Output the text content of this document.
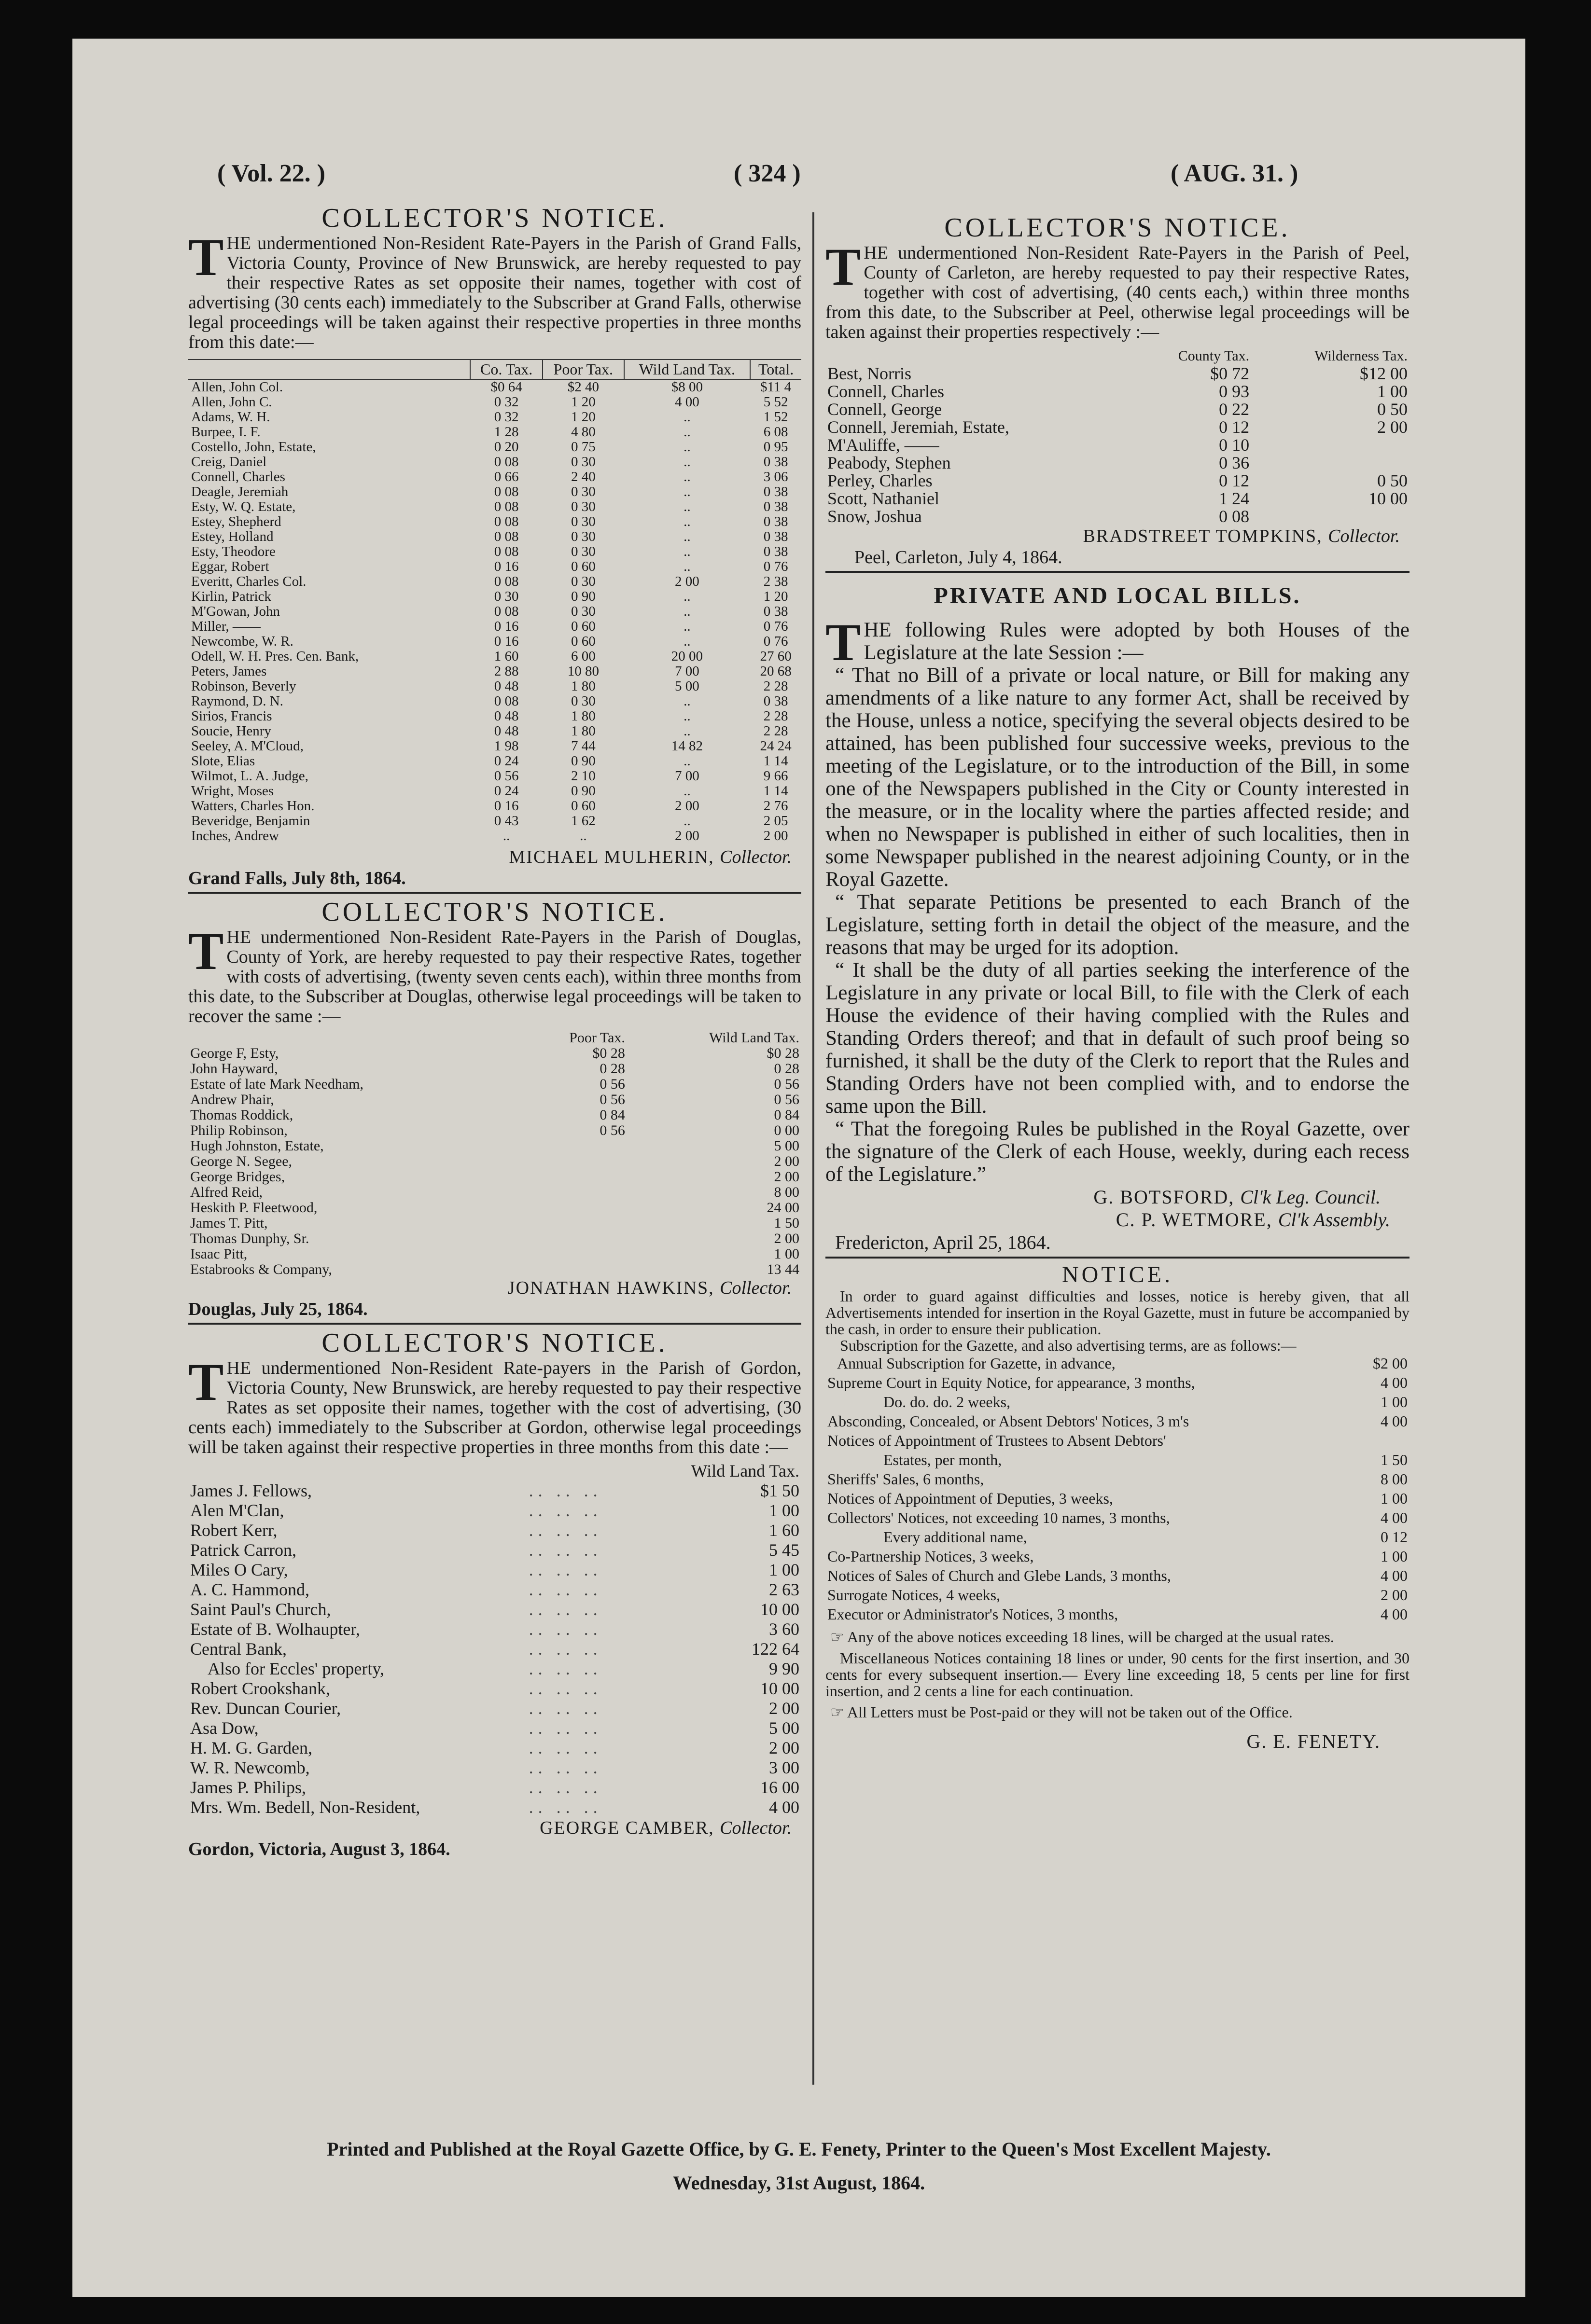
( Vol. 22. )	( 324 )	( AUG. 31. )
COLLECTOR'S NOTICE.

THE undermentioned Non-Resident Rate-Payers in the Parish of Grand Falls, Victoria County, Province of New Brunswick, are hereby requested to pay their respective Rates as set opposite their names, together with cost of advertising (30 cents each) immediately to the Subscriber at Grand Falls, otherwise legal proceedings will be taken against their respective properties in three months from this date:—

	Co. Tax.	Poor Tax.	Wild Land Tax.	Total.
Allen, John Col.	$0 64	$2 40	$8 00	$11 4
Allen, John C.	0 32	1 20	4 00	5 52
Adams, W. H.	0 32	1 20	..	1 52
Burpee, I. F.	1 28	4 80	..	6 08
Costello, John, Estate,	0 20	0 75	..	0 95
Creig, Daniel	0 08	0 30	..	0 38
Connell, Charles	0 66	2 40	..	3 06
Deagle, Jeremiah	0 08	0 30	..	0 38
Esty, W. Q. Estate,	0 08	0 30	..	0 38
Estey, Shepherd	0 08	0 30	..	0 38
Estey, Holland	0 08	0 30	..	0 38
Esty, Theodore	0 08	0 30	..	0 38
Eggar, Robert	0 16	0 60	..	0 76
Everitt, Charles Col.	0 08	0 30	2 00	2 38
Kirlin, Patrick	0 30	0 90	..	1 20
M'Gowan, John	0 08	0 30	..	0 38
Miller, ——	0 16	0 60	..	0 76
Newcombe, W. R.	0 16	0 60	..	0 76
Odell, W. H. Pres. Cen. Bank,	1 60	6 00	20 00	27 60
Peters, James	2 88	10 80	7 00	20 68
Robinson, Beverly	0 48	1 80	5 00	2 28
Raymond, D. N.	0 08	0 30	..	0 38
Sirios, Francis	0 48	1 80	..	2 28
Soucie, Henry	0 48	1 80	..	2 28
Seeley, A. M'Cloud,	1 98	7 44	14 82	24 24
Slote, Elias	0 24	0 90	..	1 14
Wilmot, L. A. Judge,	0 56	2 10	7 00	9 66
Wright, Moses	0 24	0 90	..	1 14
Watters, Charles Hon.	0 16	0 60	2 00	2 76
Beveridge, Benjamin	0 43	1 62	..	2 05
Inches, Andrew	..	..	2 00	2 00
MICHAEL MULHERIN, Collector.
Grand Falls, July 8th, 1864.
COLLECTOR'S NOTICE.

THE undermentioned Non-Resident Rate-Payers in the Parish of Douglas, County of York, are hereby requested to pay their respective Rates, together with costs of advertising, (twenty seven cents each), within three months from this date, to the Subscriber at Douglas, otherwise legal proceedings will be taken to recover the same :—

	Poor Tax.	Wild Land Tax.
George F, Esty,	$0 28	$0 28
John Hayward,	0 28	0 28
Estate of late Mark Needham,	0 56	0 56
Andrew Phair,	0 56	0 56
Thomas Roddick,	0 84	0 84
Philip Robinson,	0 56	0 00
Hugh Johnston, Estate,		5 00
George N. Segee,		2 00
George Bridges,		2 00
Alfred Reid,		8 00
Heskith P. Fleetwood,		24 00
James T. Pitt,		1 50
Thomas Dunphy, Sr.		2 00
Isaac Pitt,		1 00
Estabrooks & Company,		13 44
JONATHAN HAWKINS, Collector.
Douglas, July 25, 1864.
COLLECTOR'S NOTICE.

THE undermentioned Non-Resident Rate-payers in the Parish of Gordon, Victoria County, New Brunswick, are hereby requested to pay their respective Rates as set opposite their names, together with the cost of advertising, (30 cents each) immediately to the Subscriber at Gordon, otherwise legal proceedings will be taken against their respective properties in three months from this date :—

		Wild Land Tax.
James J. Fellows,	.. .. ..	$1 50
Alen M'Clan,	.. .. ..	1 00
Robert Kerr,	.. .. ..	1 60
Patrick Carron,	.. .. ..	5 45
Miles O Cary,	.. .. ..	1 00
A. C. Hammond,	.. .. ..	2 63
Saint Paul's Church,	.. .. ..	10 00
Estate of B. Wolhaupter,	.. .. ..	3 60
Central Bank,	.. .. ..	122 64
Also for Eccles' property,	.. .. ..	9 90
Robert Crookshank,	.. .. ..	10 00
Rev. Duncan Courier,	.. .. ..	2 00
Asa Dow,	.. .. ..	5 00
H. M. G. Garden,	.. .. ..	2 00
W. R. Newcomb,	.. .. ..	3 00
James P. Philips,	.. .. ..	16 00
Mrs. Wm. Bedell, Non-Resident,	.. .. ..	4 00
GEORGE CAMBER, Collector.
Gordon, Victoria, August 3, 1864.
COLLECTOR'S NOTICE.

THE undermentioned Non-Resident Rate-Payers in the Parish of Peel, County of Carleton, are hereby requested to pay their respective Rates, together with cost of advertising, (40 cents each,) within three months from this date, to the Subscriber at Peel, otherwise legal proceedings will be taken against their properties respectively :—

	County Tax.	Wilderness Tax.
Best, Norris	$0 72	$12 00
Connell, Charles	0 93	1 00
Connell, George	0 22	0 50
Connell, Jeremiah, Estate,	0 12	2 00
M'Auliffe, ——	0 10	
Peabody, Stephen	0 36	
Perley, Charles	0 12	0 50
Scott, Nathaniel	1 24	10 00
Snow, Joshua	0 08	
BRADSTREET TOMPKINS, Collector.
Peel, Carleton, July 4, 1864.
PRIVATE AND LOCAL BILLS.

THE following Rules were adopted by both Houses of the Legislature at the late Session :—

“ That no Bill of a private or local nature, or Bill for making any amendments of a like nature to any former Act, shall be received by the House, unless a notice, specifying the several objects desired to be attained, has been published four successive weeks, previous to the meeting of the Legislature, or to the introduction of the Bill, in some one of the Newspapers published in the City or County interested in the measure, or in the locality where the parties affected reside; and when no Newspaper is published in either of such localities, then in some Newspaper published in the nearest adjoining County, or in the Royal Gazette.

“ That separate Petitions be presented to each Branch of the Legislature, setting forth in detail the object of the measure, and the reasons that may be urged for its adoption.

“ It shall be the duty of all parties seeking the interference of the Legislature in any private or local Bill, to file with the Clerk of each House the evidence of their having complied with the Rules and Standing Orders thereof; and that in default of such proof being so furnished, it shall be the duty of the Clerk to report that the Rules and Standing Orders have not been complied with, and to endorse the same upon the Bill.

“ That the foregoing Rules be published in the Royal Gazette, over the signature of the Clerk of each House, weekly, during each recess of the Legislature.”

G. BOTSFORD, Cl'k Leg. Council.
C. P. WETMORE, Cl'k Assembly.
Fredericton, April 25, 1864.
NOTICE.

In order to guard against difficulties and losses, notice is hereby given, that all Advertisements intended for insertion in the Royal Gazette, must in future be accompanied by the cash, in order to ensure their publication.

Subscription for the Gazette, and also advertising terms, are as follows:—

Annual Subscription for Gazette, in advance,	$2 00
Supreme Court in Equity Notice, for appearance, 3 months,	4 00
Do. do. do. 2 weeks,	1 00
Absconding, Concealed, or Absent Debtors' Notices, 3 m's	4 00
Notices of Appointment of Trustees to Absent Debtors'	
Estates, per month,	1 50
Sheriffs' Sales, 6 months,	8 00
Notices of Appointment of Deputies, 3 weeks,	1 00
Collectors' Notices, not exceeding 10 names, 3 months,	4 00
Every additional name,	0 12
Co-Partnership Notices, 3 weeks,	1 00
Notices of Sales of Church and Glebe Lands, 3 months,	4 00
Surrogate Notices, 4 weeks,	2 00
Executor or Administrator's Notices, 3 months,	4 00

☞ Any of the above notices exceeding 18 lines, will be charged at the usual rates.

Miscellaneous Notices containing 18 lines or under, 90 cents for the first insertion, and 30 cents for every subsequent insertion.— Every line exceeding 18, 5 cents per line for first insertion, and 2 cents a line for each continuation.

☞ All Letters must be Post-paid or they will not be taken out of the Office.

G. E. FENETY.
Printed and Published at the Royal Gazette Office, by G. E. Fenety, Printer to the Queen's Most Excellent Majesty.
Wednesday, 31st August, 1864.
